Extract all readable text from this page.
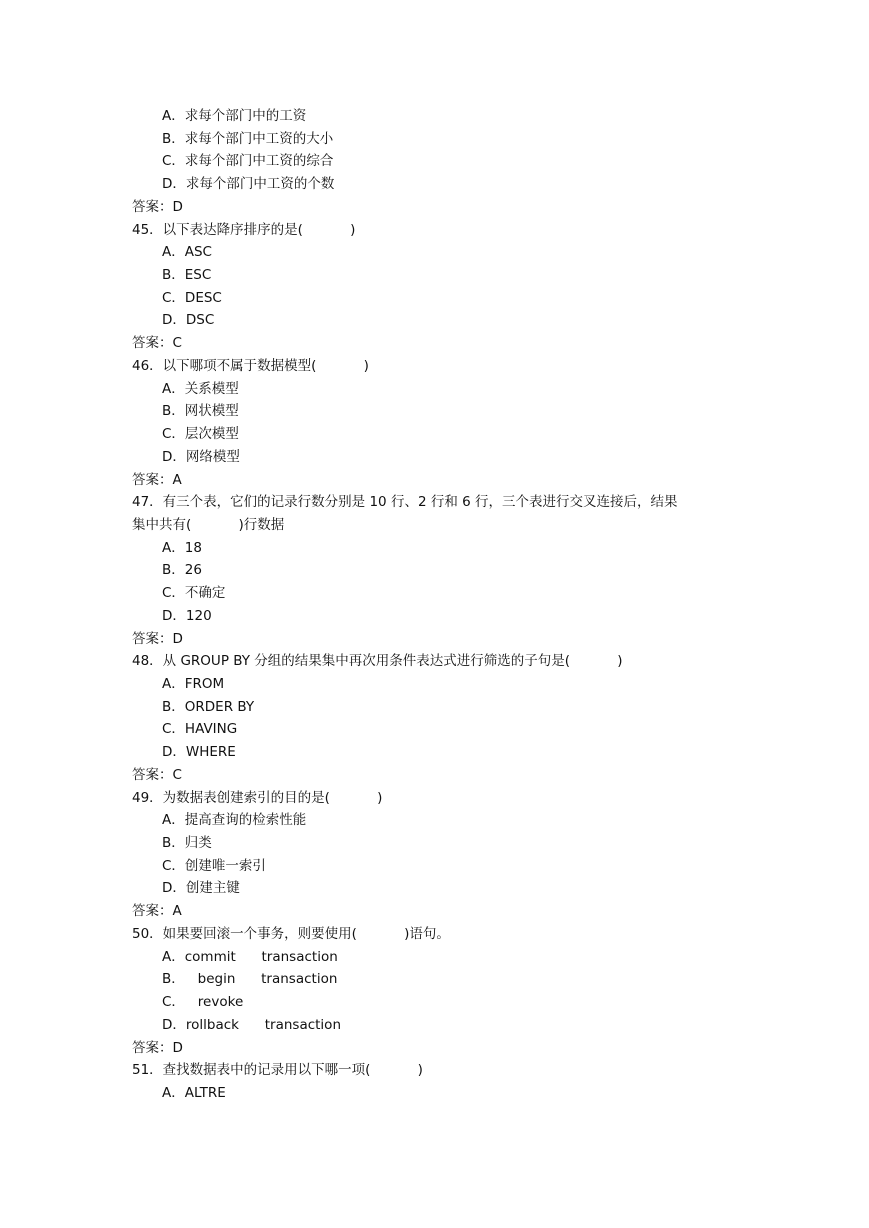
A．求每个部门中的工资
B．求每个部门中工资的大小
C．求每个部门中工资的综合
D．求每个部门中工资的个数
答案：D
45．以下表达降序排序的是(           )
A．ASC
B．ESC
C．DESC
D．DSC
答案：C
46．以下哪项不属于数据模型(           )
A．关系模型
B．网状模型
C．层次模型
D．网络模型
答案：A
47．有三个表，它们的记录行数分别是 10 行、2 行和 6 行，三个表进行交叉连接后，结果
集中共有(           )行数据
A．18
B．26
C．不确定
D．120
答案：D
48．从 GROUP BY 分组的结果集中再次用条件表达式进行筛选的子句是(           )
A．FROM
B．ORDER BY
C．HAVING
D．WHERE
答案：C
49．为数据表创建索引的目的是(           )
A．提高查询的检索性能
B．归类
C．创建唯一索引
D．创建主键
答案：A
50．如果要回滚一个事务，则要使用(           )语句。
A．commit      transaction
B．   begin      transaction
C．   revoke
D．rollback      transaction
答案：D
51．查找数据表中的记录用以下哪一项(           )
A．ALTRE
